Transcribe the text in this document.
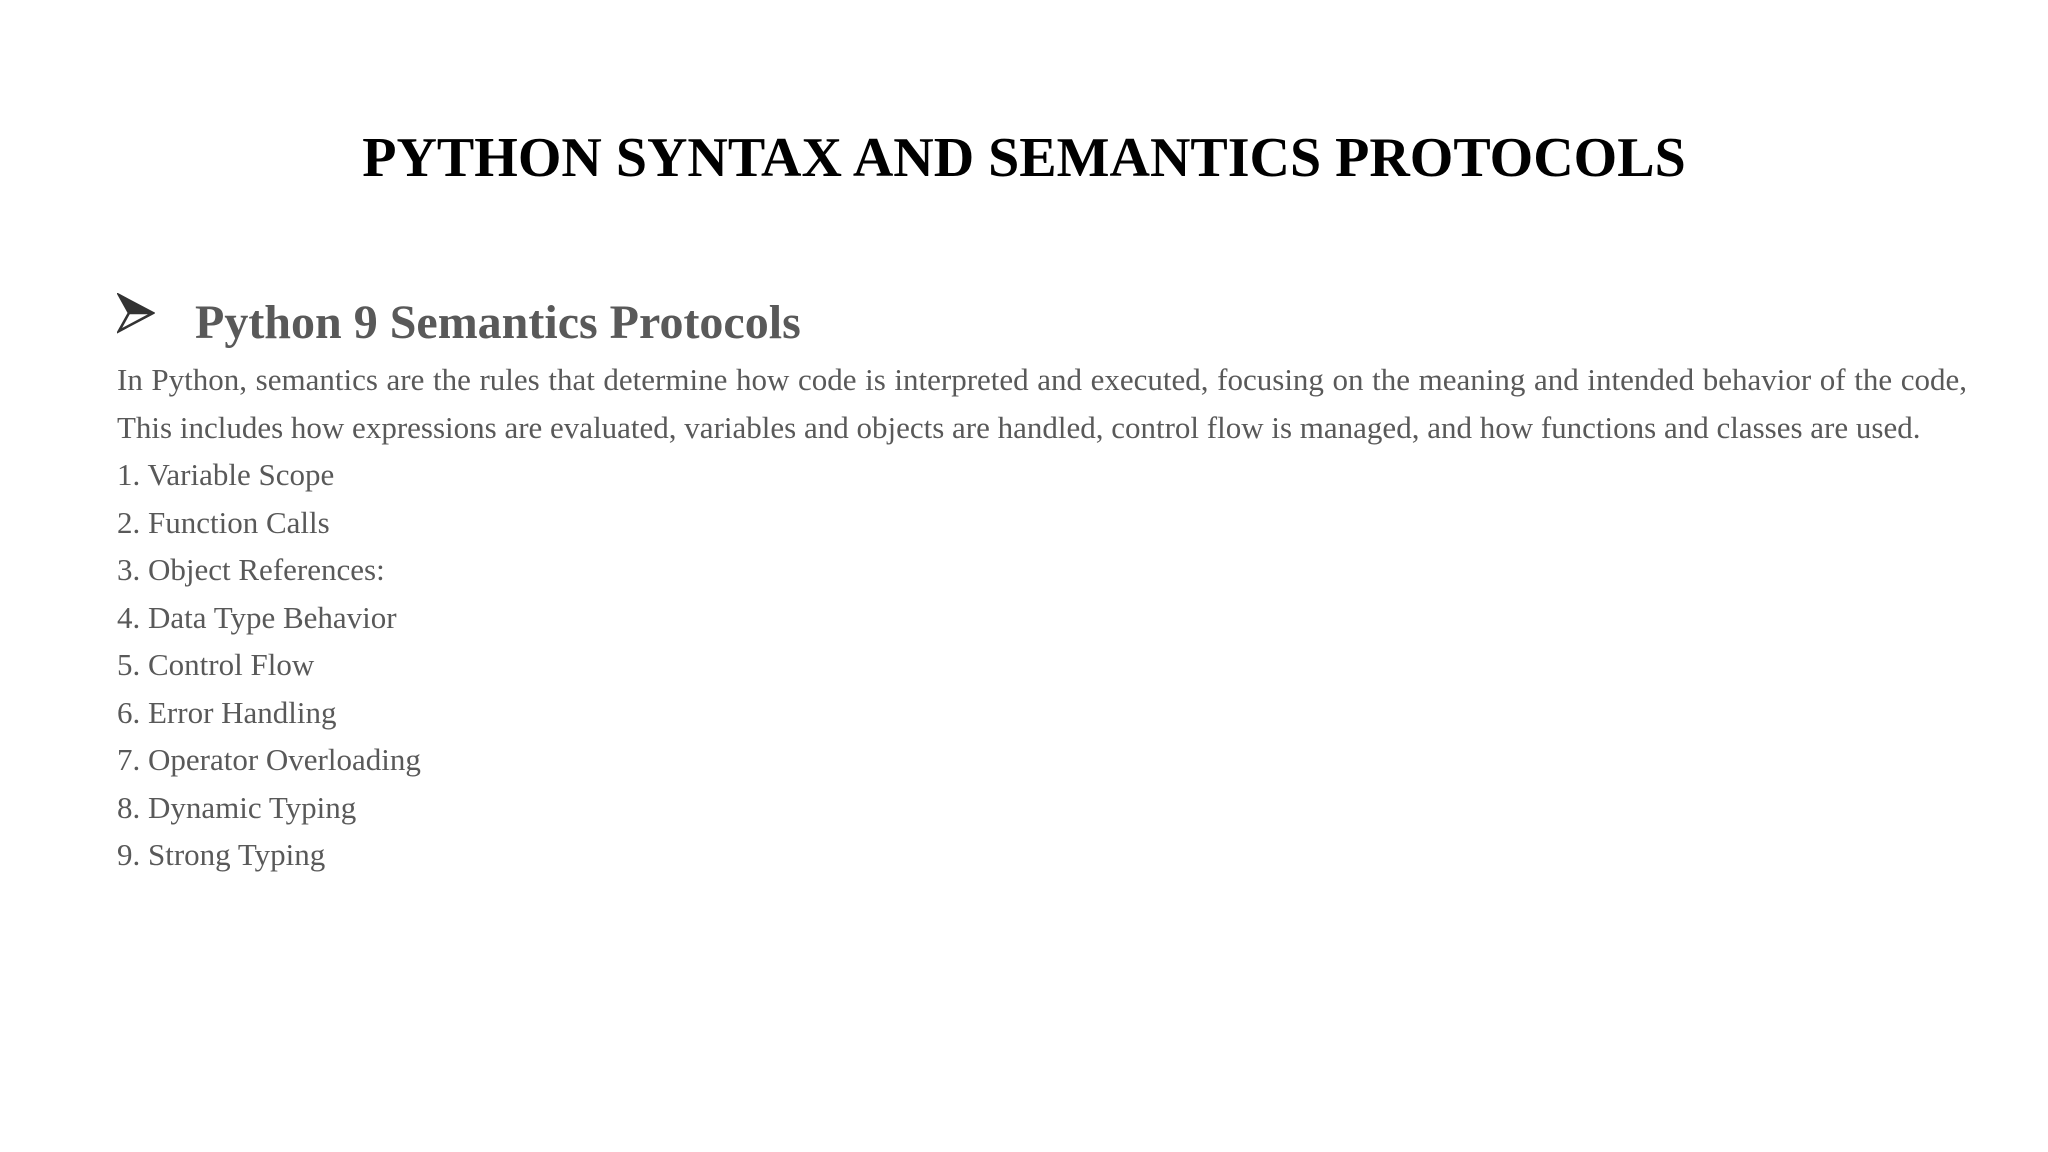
PYTHON SYNTAX AND SEMANTICS PROTOCOLS
Python 9 Semantics Protocols

In Python, semantics are the rules that determine how code is interpreted and executed, focusing on the meaning and intended behavior of the code, This includes how expressions are evaluated, variables and objects are handled, control flow is managed, and how functions and classes are used.

1. Variable Scope
2. Function Calls
3. Object References:
4. Data Type Behavior
5. Control Flow
6. Error Handling
7. Operator Overloading
8. Dynamic Typing
9. Strong Typing
